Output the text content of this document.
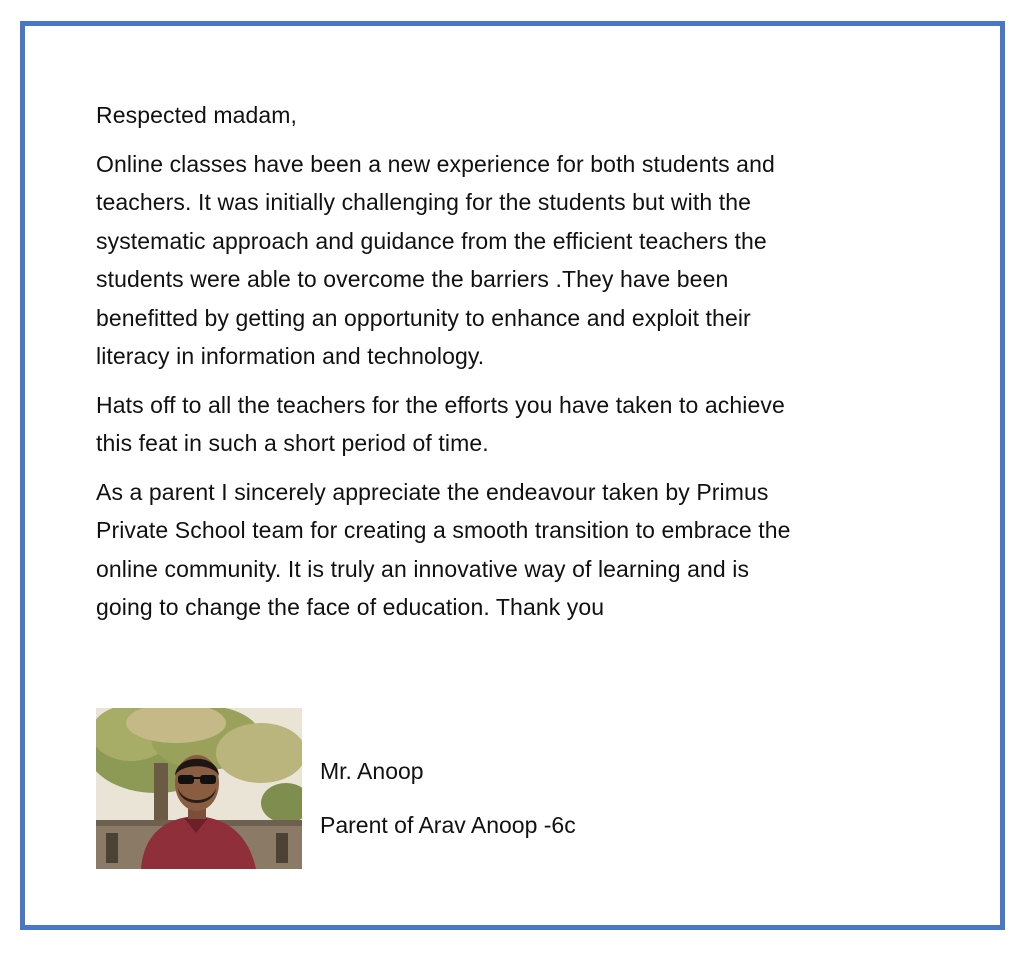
Respected madam,

Online classes have been a new experience for both students and
teachers. It was initially challenging for the students but with the
systematic approach and guidance from the efficient teachers the
students were able to overcome the barriers .They have been
benefitted by getting an opportunity to enhance and exploit their
literacy in information and technology.

Hats off to all the teachers for the efforts you have taken to achieve
this feat in such a short period of time.

As a parent I sincerely appreciate the endeavour taken by Primus
Private School team for creating a smooth transition to embrace the
online community. It is truly an innovative way of learning and is
going to change the face of education. Thank you

Mr. Anoop

Parent of Arav Anoop -6c
